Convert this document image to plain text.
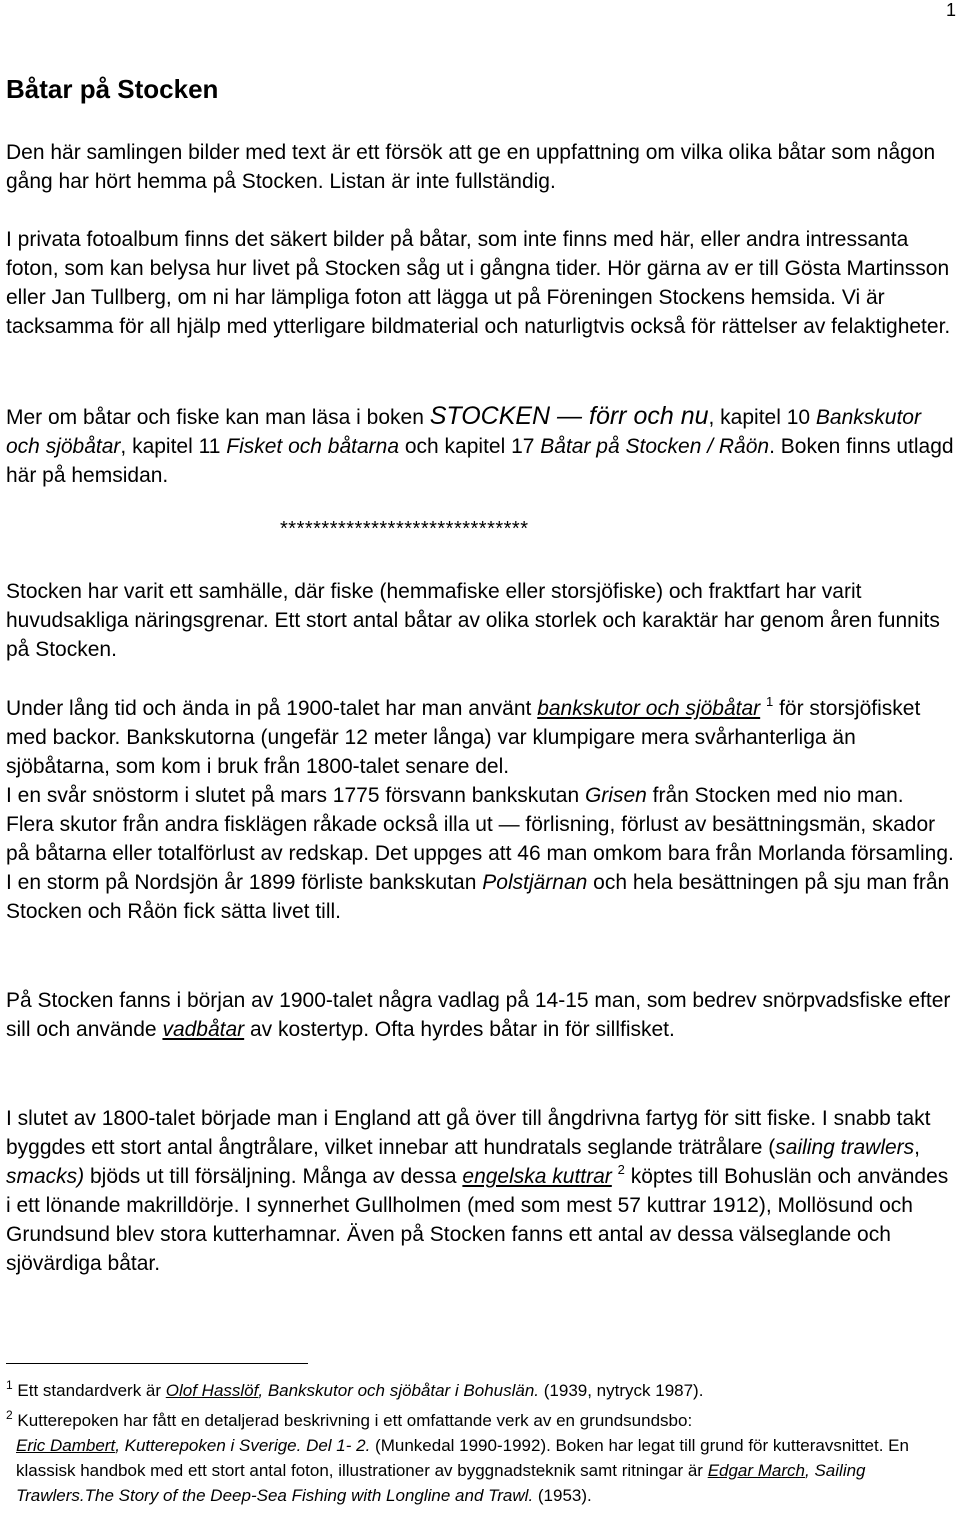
1
Båtar på Stocken

Den här samlingen bilder med text är ett försök att ge en uppfattning om vilka olika båtar som någon gång har hört hemma på Stocken. Listan är inte fullständig.

I privata fotoalbum finns det säkert bilder på båtar, som inte finns med här, eller andra intressanta foton, som kan belysa hur livet på Stocken såg ut i gångna tider. Hör gärna av er till Gösta Martinsson eller Jan Tullberg, om ni har lämpliga foton att lägga ut på Föreningen Stockens hemsida. Vi är tacksamma för all hjälp med ytterligare bildmaterial och naturligtvis också för rättelser av felaktigheter.

Mer om båtar och fiske kan man läsa i boken STOCKEN — förr och nu, kapitel 10 Bankskutor och sjöbåtar, kapitel 11 Fisket och båtarna och kapitel 17 Båtar på Stocken / Råön. Boken finns utlagd här på hemsidan.

******************************

Stocken har varit ett samhälle, där fiske (hemmafiske eller storsjöfiske) och fraktfart har varit huvudsakliga näringsgrenar. Ett stort antal båtar av olika storlek och karaktär har genom åren funnits på Stocken.

Under lång tid och ända in på 1900-talet har man använt bankskutor och sjöbåtar $^1$ för storsjöfisket med backor. Bankskutorna (ungefär 12 meter långa) var klumpigare mera svårhanterliga än sjöbåtarna, som kom i bruk från 1800-talet senare del.
I en svår snöstorm i slutet på mars 1775 försvann bankskutan Grisen från Stocken med nio man. Flera skutor från andra fisklägen råkade också illa ut — förlisning, förlust av besättningsmän, skador på båtarna eller totalförlust av redskap. Det uppges att 46 man omkom bara från Morlanda församling. I en storm på Nordsjön år 1899 förliste bankskutan Polstjärnan och hela besättningen på sju man från Stocken och Råön fick sätta livet till.

På Stocken fanns i början av 1900-talet några vadlag på 14-15 man, som bedrev snörpvadsfiske efter sill och använde vadbåtar av kostertyp. Ofta hyrdes båtar in för sillfisket.

I slutet av 1800-talet började man i England att gå över till ångdrivna fartyg för sitt fiske. I snabb takt byggdes ett stort antal ångtrålare, vilket innebar att hundratals seglande trätrålare (sailing trawlers, smacks) bjöds ut till försäljning. Många av dessa engelska kuttrar $^2$ köptes till Bohuslän och användes i ett lönande makrilldörje. I synnerhet Gullholmen (med som mest 57 kuttrar 1912), Mollösund och Grundsund blev stora kutterhamnar. Även på Stocken fanns ett antal av dessa välseglande och sjövärdiga båtar.

$^1$ Ett standardverk är Olof Hasslöf, Bankskutor och sjöbåtar i Bohuslän. (1939, nytryck 1987).

$^2$ Kutterepoken har fått en detaljerad beskrivning i ett omfattande verk av en grundsundsbo:
Eric Dambert, Kutterepoken i Sverige. Del 1- 2. (Munkedal 1990-1992). Boken har legat till grund för kutteravsnittet. En klassisk handbok med ett stort antal foton, illustrationer av byggnadsteknik samt ritningar är Edgar March, Sailing Trawlers.The Story of the Deep-Sea Fishing with Longline and Trawl. (1953).
